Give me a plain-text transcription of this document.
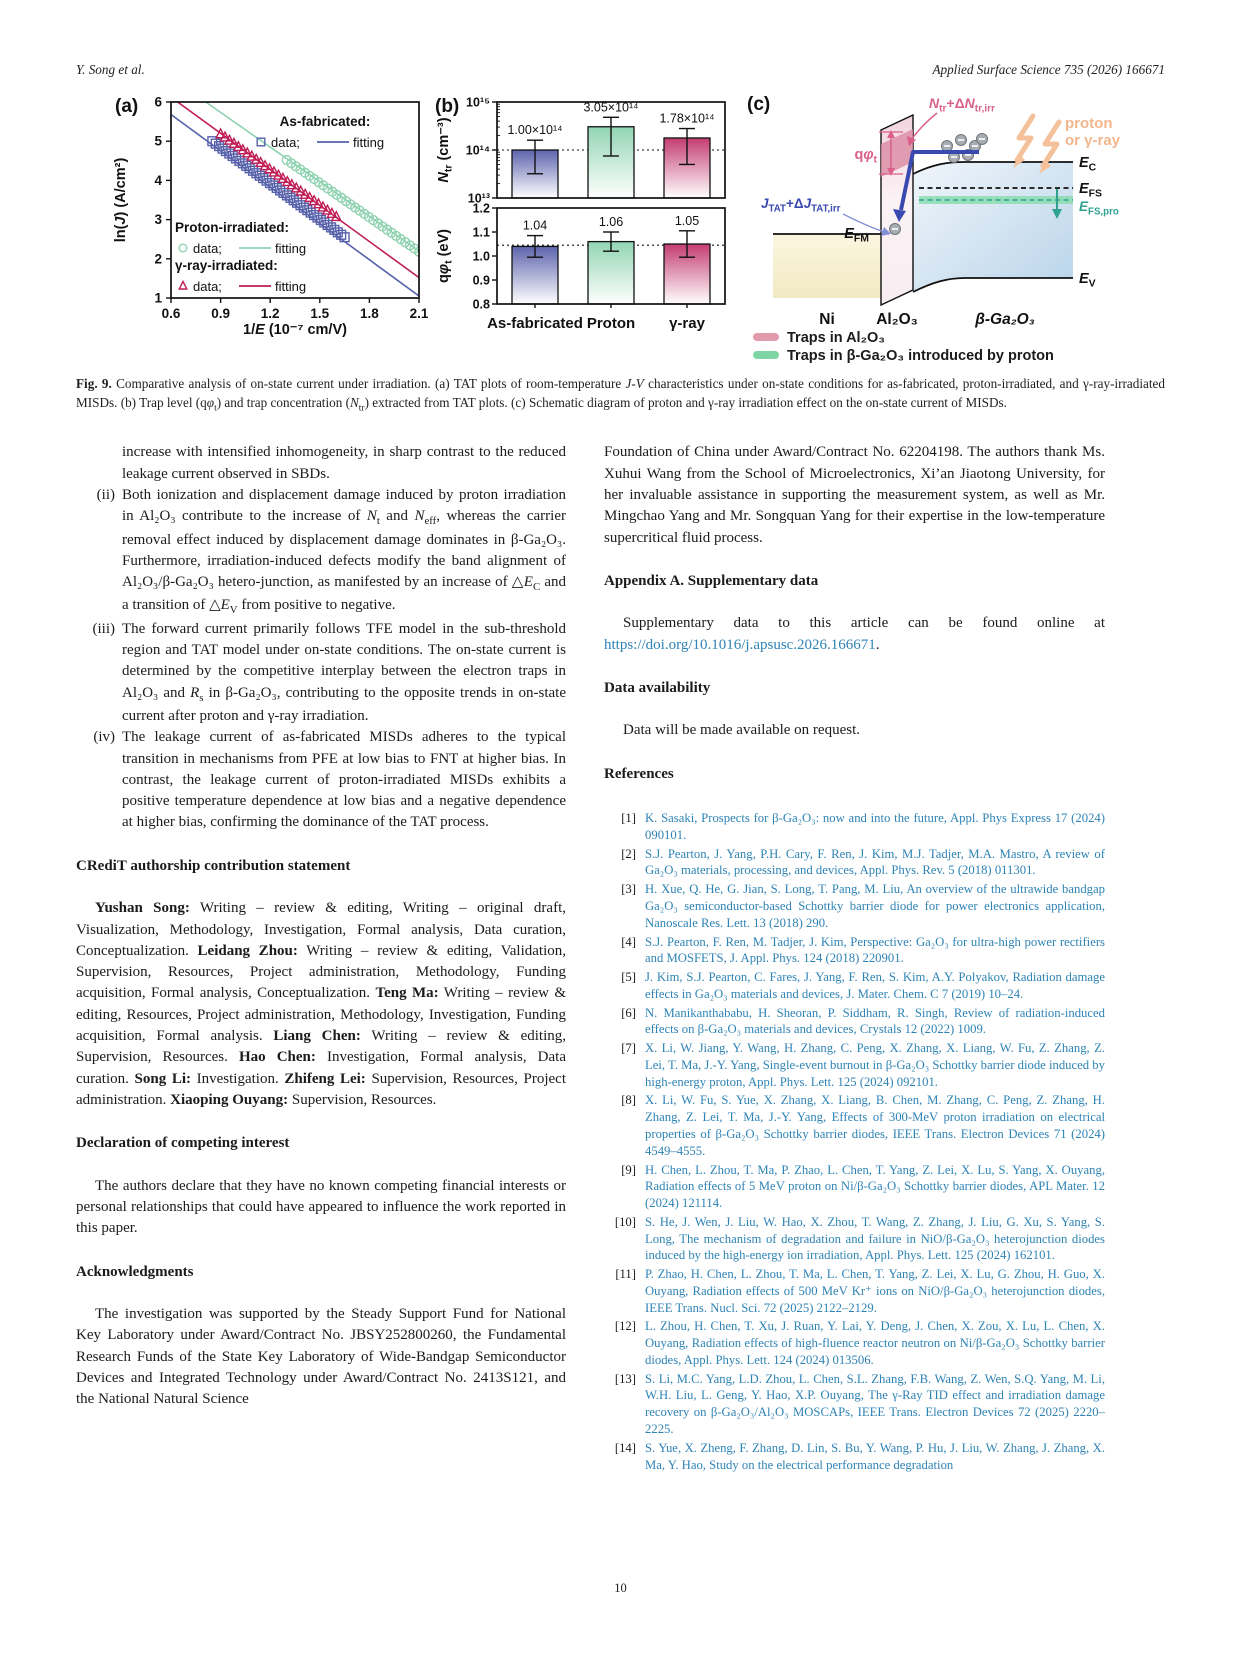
Y. Song et al.	Applied Surface Science 735 (2026) 166671
(a)
0.6 0.9 1.2 1.5 1.8 2.1
1
2
3
4
5
6
1/E (10⁻⁷ cm/V)
ln(J) (A/cm²)
As-fabricated:
data;	fitting
Proton-irradiated:
data;	fitting
γ-ray-irradiated:
data;	fitting
(b)
1.00×10¹⁴
3.05×10¹⁴
1.78×10¹⁴
10¹³
10¹⁴
10¹⁵
$N_{tr}$ (cm⁻³)
1.04	1.06	1.05
0.8
0.9
1.0
1.1
1.2
$q\varphi_t$ (eV)
As-fabricated Proton γ-ray
(c)	$N_{tr}+\Delta N_{tr,irr}$
$q\varphi_t$
$J_{TAT}+\Delta J_{TAT,irr}$
proton
or γ-ray
$E_C$
$E_{FS}$
$E_{FS,pro}$
$E_V$
$E_{FM}$
Ni	Al₂O₃	β-Ga₂O₃
Traps in Al₂O₃
Traps in β-Ga₂O₃ introduced by proton

Fig. 9. Comparative analysis of on-state current under irradiation. (a) TAT plots of room-temperature J-V characteristics under on-state conditions for as-fabricated, proton-irradiated, and γ-ray-irradiated MISDs. (b) Trap level $(q\varphi_t)$ and trap concentration $(N_{tr})$ extracted from TAT plots. (c) Schematic diagram of proton and γ-ray irradiation effect on the on-state current of MISDs.

increase with intensified inhomogeneity, in sharp contrast to the reduced leakage current observed in SBDs.
(ii) Both ionization and displacement damage induced by proton irradiation in Al₂O₃ contribute to the increase of $N_t$ and $N_{eff}$, whereas the carrier removal effect induced by displacement damage dominates in β-Ga₂O₃. Furthermore, irradiation-induced defects modify the band alignment of Al₂O₃/β-Ga₂O₃ hetero-junction, as manifested by an increase of $\triangle E_C$ and a transition of $\triangle E_V$ from positive to negative.
(iii) The forward current primarily follows TFE model in the sub-threshold region and TAT model under on-state conditions. The on-state current is determined by the competitive interplay between the electron traps in Al₂O₃ and $R_s$ in β-Ga₂O₃, contributing to the opposite trends in on-state current after proton and γ-ray irradiation.
(iv) The leakage current of as-fabricated MISDs adheres to the typical transition in mechanisms from PFE at low bias to FNT at higher bias. In contrast, the leakage current of proton-irradiated MISDs exhibits a positive temperature dependence at low bias and a negative dependence at higher bias, confirming the dominance of the TAT process.
CRediT authorship contribution statement

Yushan Song: Writing – review & editing, Writing – original draft, Visualization, Methodology, Investigation, Formal analysis, Data curation, Conceptualization. Leidang Zhou: Writing – review & editing, Validation, Supervision, Resources, Project administration, Methodology, Funding acquisition, Formal analysis, Conceptualization. Teng Ma: Writing – review & editing, Resources, Project administration, Methodology, Investigation, Funding acquisition, Formal analysis. Liang Chen: Writing – review & editing, Supervision, Resources. Hao Chen: Investigation, Formal analysis, Data curation. Song Li: Investigation. Zhifeng Lei: Supervision, Resources, Project administration. Xiaoping Ouyang: Supervision, Resources.

Declaration of competing interest

The authors declare that they have no known competing financial interests or personal relationships that could have appeared to influence the work reported in this paper.

Acknowledgments

The investigation was supported by the Steady Support Fund for National Key Laboratory under Award/Contract No. JBSY252800260, the Fundamental Research Funds of the State Key Laboratory of Wide-Bandgap Semiconductor Devices and Integrated Technology under Award/Contract No. 2413S121, and the National Natural Science

Foundation of China under Award/Contract No. 62204198. The authors thank Ms. Xuhui Wang from the School of Microelectronics, Xi’an Jiaotong University, for her invaluable assistance in supporting the measurement system, as well as Mr. Mingchao Yang and Mr. Songquan Yang for their expertise in the low-temperature supercritical fluid process.

Appendix A. Supplementary data

Supplementary data to this article can be found online at https://doi.org/10.1016/j.apsusc.2026.166671.

Data availability

Data will be made available on request.

References
[1] K. Sasaki, Prospects for β-Ga₂O₃: now and into the future, Appl. Phys Express 17 (2024) 090101.
[2] S.J. Pearton, J. Yang, P.H. Cary, F. Ren, J. Kim, M.J. Tadjer, M.A. Mastro, A review of Ga₂O₃ materials, processing, and devices, Appl. Phys. Rev. 5 (2018) 011301.
[3] H. Xue, Q. He, G. Jian, S. Long, T. Pang, M. Liu, An overview of the ultrawide bandgap Ga₂O₃ semiconductor-based Schottky barrier diode for power electronics application, Nanoscale Res. Lett. 13 (2018) 290.
[4] S.J. Pearton, F. Ren, M. Tadjer, J. Kim, Perspective: Ga₂O₃ for ultra-high power rectifiers and MOSFETS, J. Appl. Phys. 124 (2018) 220901.
[5] J. Kim, S.J. Pearton, C. Fares, J. Yang, F. Ren, S. Kim, A.Y. Polyakov, Radiation damage effects in Ga₂O₃ materials and devices, J. Mater. Chem. C 7 (2019) 10–24.
[6] N. Manikanthababu, H. Sheoran, P. Siddham, R. Singh, Review of radiation-induced effects on β-Ga₂O₃ materials and devices, Crystals 12 (2022) 1009.
[7] X. Li, W. Jiang, Y. Wang, H. Zhang, C. Peng, X. Zhang, X. Liang, W. Fu, Z. Zhang, Z. Lei, T. Ma, J.-Y. Yang, Single-event burnout in β-Ga₂O₃ Schottky barrier diode induced by high-energy proton, Appl. Phys. Lett. 125 (2024) 092101.
[8] X. Li, W. Fu, S. Yue, X. Zhang, X. Liang, B. Chen, M. Zhang, C. Peng, Z. Zhang, H. Zhang, Z. Lei, T. Ma, J.-Y. Yang, Effects of 300-MeV proton irradiation on electrical properties of β-Ga₂O₃ Schottky barrier diodes, IEEE Trans. Electron Devices 71 (2024) 4549–4555.
[9] H. Chen, L. Zhou, T. Ma, P. Zhao, L. Chen, T. Yang, Z. Lei, X. Lu, S. Yang, X. Ouyang, Radiation effects of 5 MeV proton on Ni/β-Ga₂O₃ Schottky barrier diodes, APL Mater. 12 (2024) 121114.
[10] S. He, J. Wen, J. Liu, W. Hao, X. Zhou, T. Wang, Z. Zhang, J. Liu, G. Xu, S. Yang, S. Long, The mechanism of degradation and failure in NiO/β-Ga₂O₃ heterojunction diodes induced by the high-energy ion irradiation, Appl. Phys. Lett. 125 (2024) 162101.
[11] P. Zhao, H. Chen, L. Zhou, T. Ma, L. Chen, T. Yang, Z. Lei, X. Lu, G. Zhou, H. Guo, X. Ouyang, Radiation effects of 500 MeV Kr⁺ ions on NiO/β-Ga₂O₃ heterojunction diodes, IEEE Trans. Nucl. Sci. 72 (2025) 2122–2129.
[12] L. Zhou, H. Chen, T. Xu, J. Ruan, Y. Lai, Y. Deng, J. Chen, X. Zou, X. Lu, L. Chen, X. Ouyang, Radiation effects of high-fluence reactor neutron on Ni/β-Ga₂O₃ Schottky barrier diodes, Appl. Phys. Lett. 124 (2024) 013506.
[13] S. Li, M.C. Yang, L.D. Zhou, L. Chen, S.L. Zhang, F.B. Wang, Z. Wen, S.Q. Yang, M. Li, W.H. Liu, L. Geng, Y. Hao, X.P. Ouyang, The γ-Ray TID effect and irradiation damage recovery on β-Ga₂O₃/Al₂O₃ MOSCAPs, IEEE Trans. Electron Devices 72 (2025) 2220–2225.
[14] S. Yue, X. Zheng, F. Zhang, D. Lin, S. Bu, Y. Wang, P. Hu, J. Liu, W. Zhang, J. Zhang, X. Ma, Y. Hao, Study on the electrical performance degradation
10
